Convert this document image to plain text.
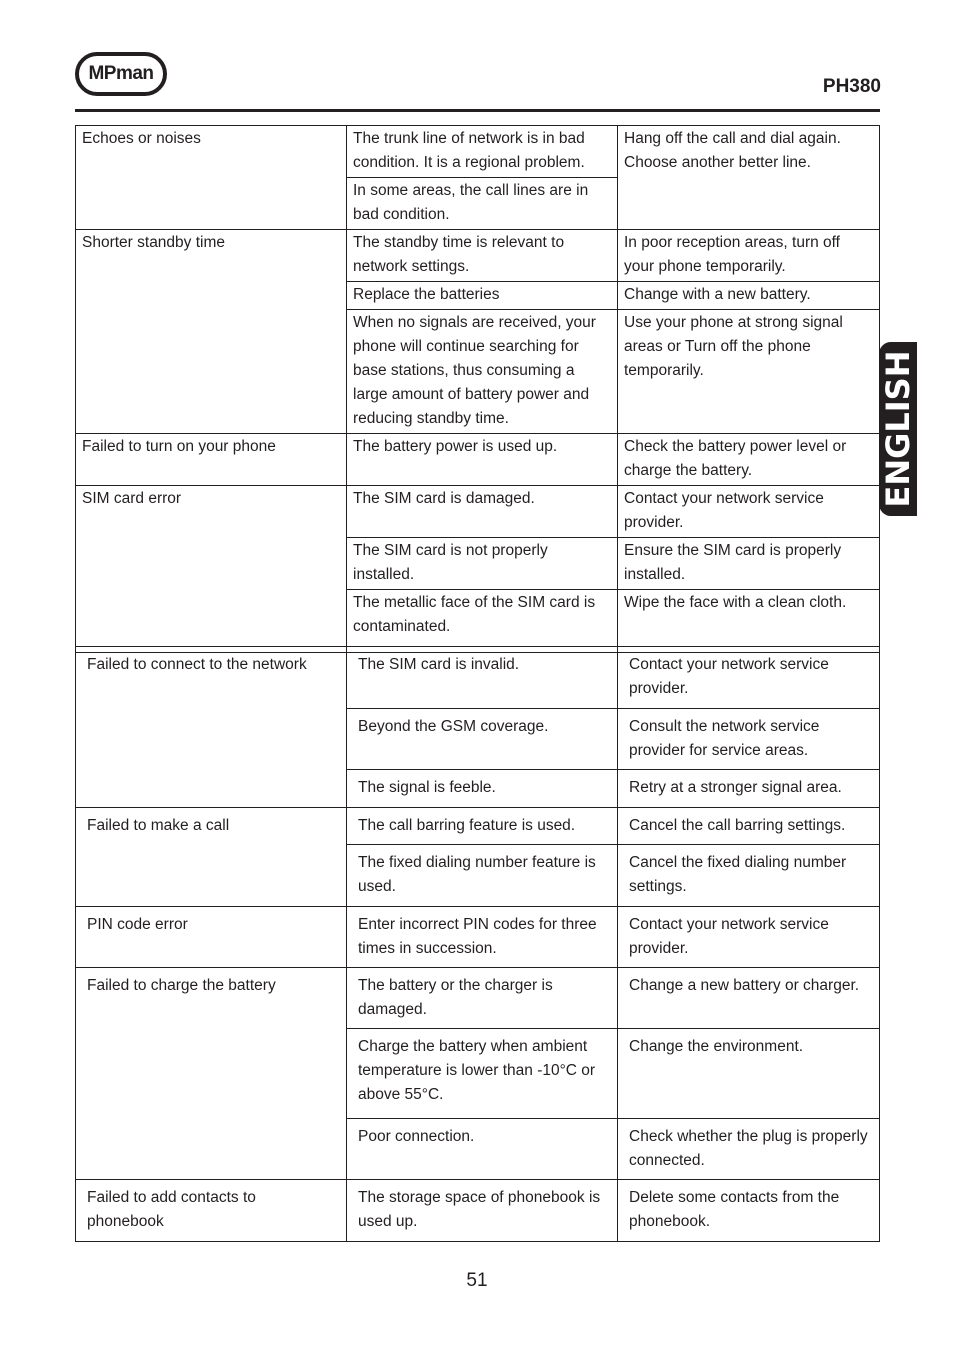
MPman
PH380
ENGLISH
Echoes or noises	The trunk line of network is in bad condition. It is a regional problem.	Hang off the call and dial again. Choose another better line.
	In some areas, the call lines are in bad condition.	
Shorter standby time	The standby time is relevant to network settings.	In poor reception areas, turn off your phone temporarily.
	Replace the batteries	Change with a new battery.
	When no signals are received, your phone will continue searching for base stations, thus consuming a large amount of battery power and reducing standby time.	Use your phone at strong signal areas or Turn off the phone temporarily.
Failed to turn on your phone	The battery power is used up.	Check the battery power level or charge the battery.
SIM card error	The SIM card is damaged.	Contact your network service provider.
	The SIM card is not properly installed.	Ensure the SIM card is properly installed.
	The metallic face of the SIM card is contaminated.	Wipe the face with a clean cloth.
Failed to connect to the network	The SIM card is invalid.	Contact your network service provider.
	Beyond the GSM coverage.	Consult the network service provider for service areas.
	The signal is feeble.	Retry at a stronger signal area.
Failed to make a call	The call barring feature is used.	Cancel the call barring settings.
	The fixed dialing number feature is used.	Cancel the fixed dialing number settings.
PIN code error	Enter incorrect PIN codes for three times in succession.	Contact your network service provider.
Failed to charge the battery	The battery or the charger is damaged.	Change a new battery or charger.
	Charge the battery when ambient temperature is lower than -10°C or above 55°C.	Change the environment.
	Poor connection.	Check whether the plug is properly connected.
Failed to add contacts to phonebook	The storage space of phonebook is used up.	Delete some contacts from the phonebook.
51
